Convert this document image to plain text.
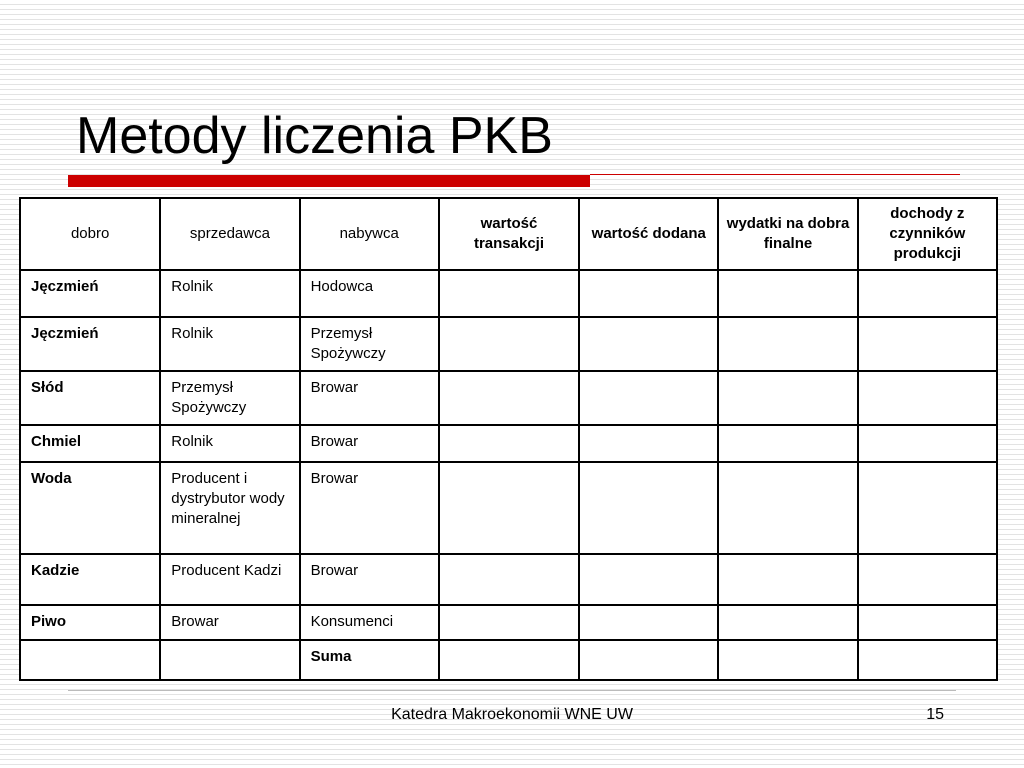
Metody liczenia PKB
dobro	sprzedawca	nabywca	wartość transakcji	wartość dodana	wydatki na dobra finalne	dochody z czynników produkcji
Jęczmień	Rolnik	Hodowca				
Jęczmień	Rolnik	Przemysł Spożywczy				
Słód	Przemysł Spożywczy	Browar				
Chmiel	Rolnik	Browar				
Woda	Producent i dystrybutor wody mineralnej	Browar				
Kadzie	Producent Kadzi	Browar				
Piwo	Browar	Konsumenci				
		Suma				
Katedra Makroekonomii WNE UW	15
